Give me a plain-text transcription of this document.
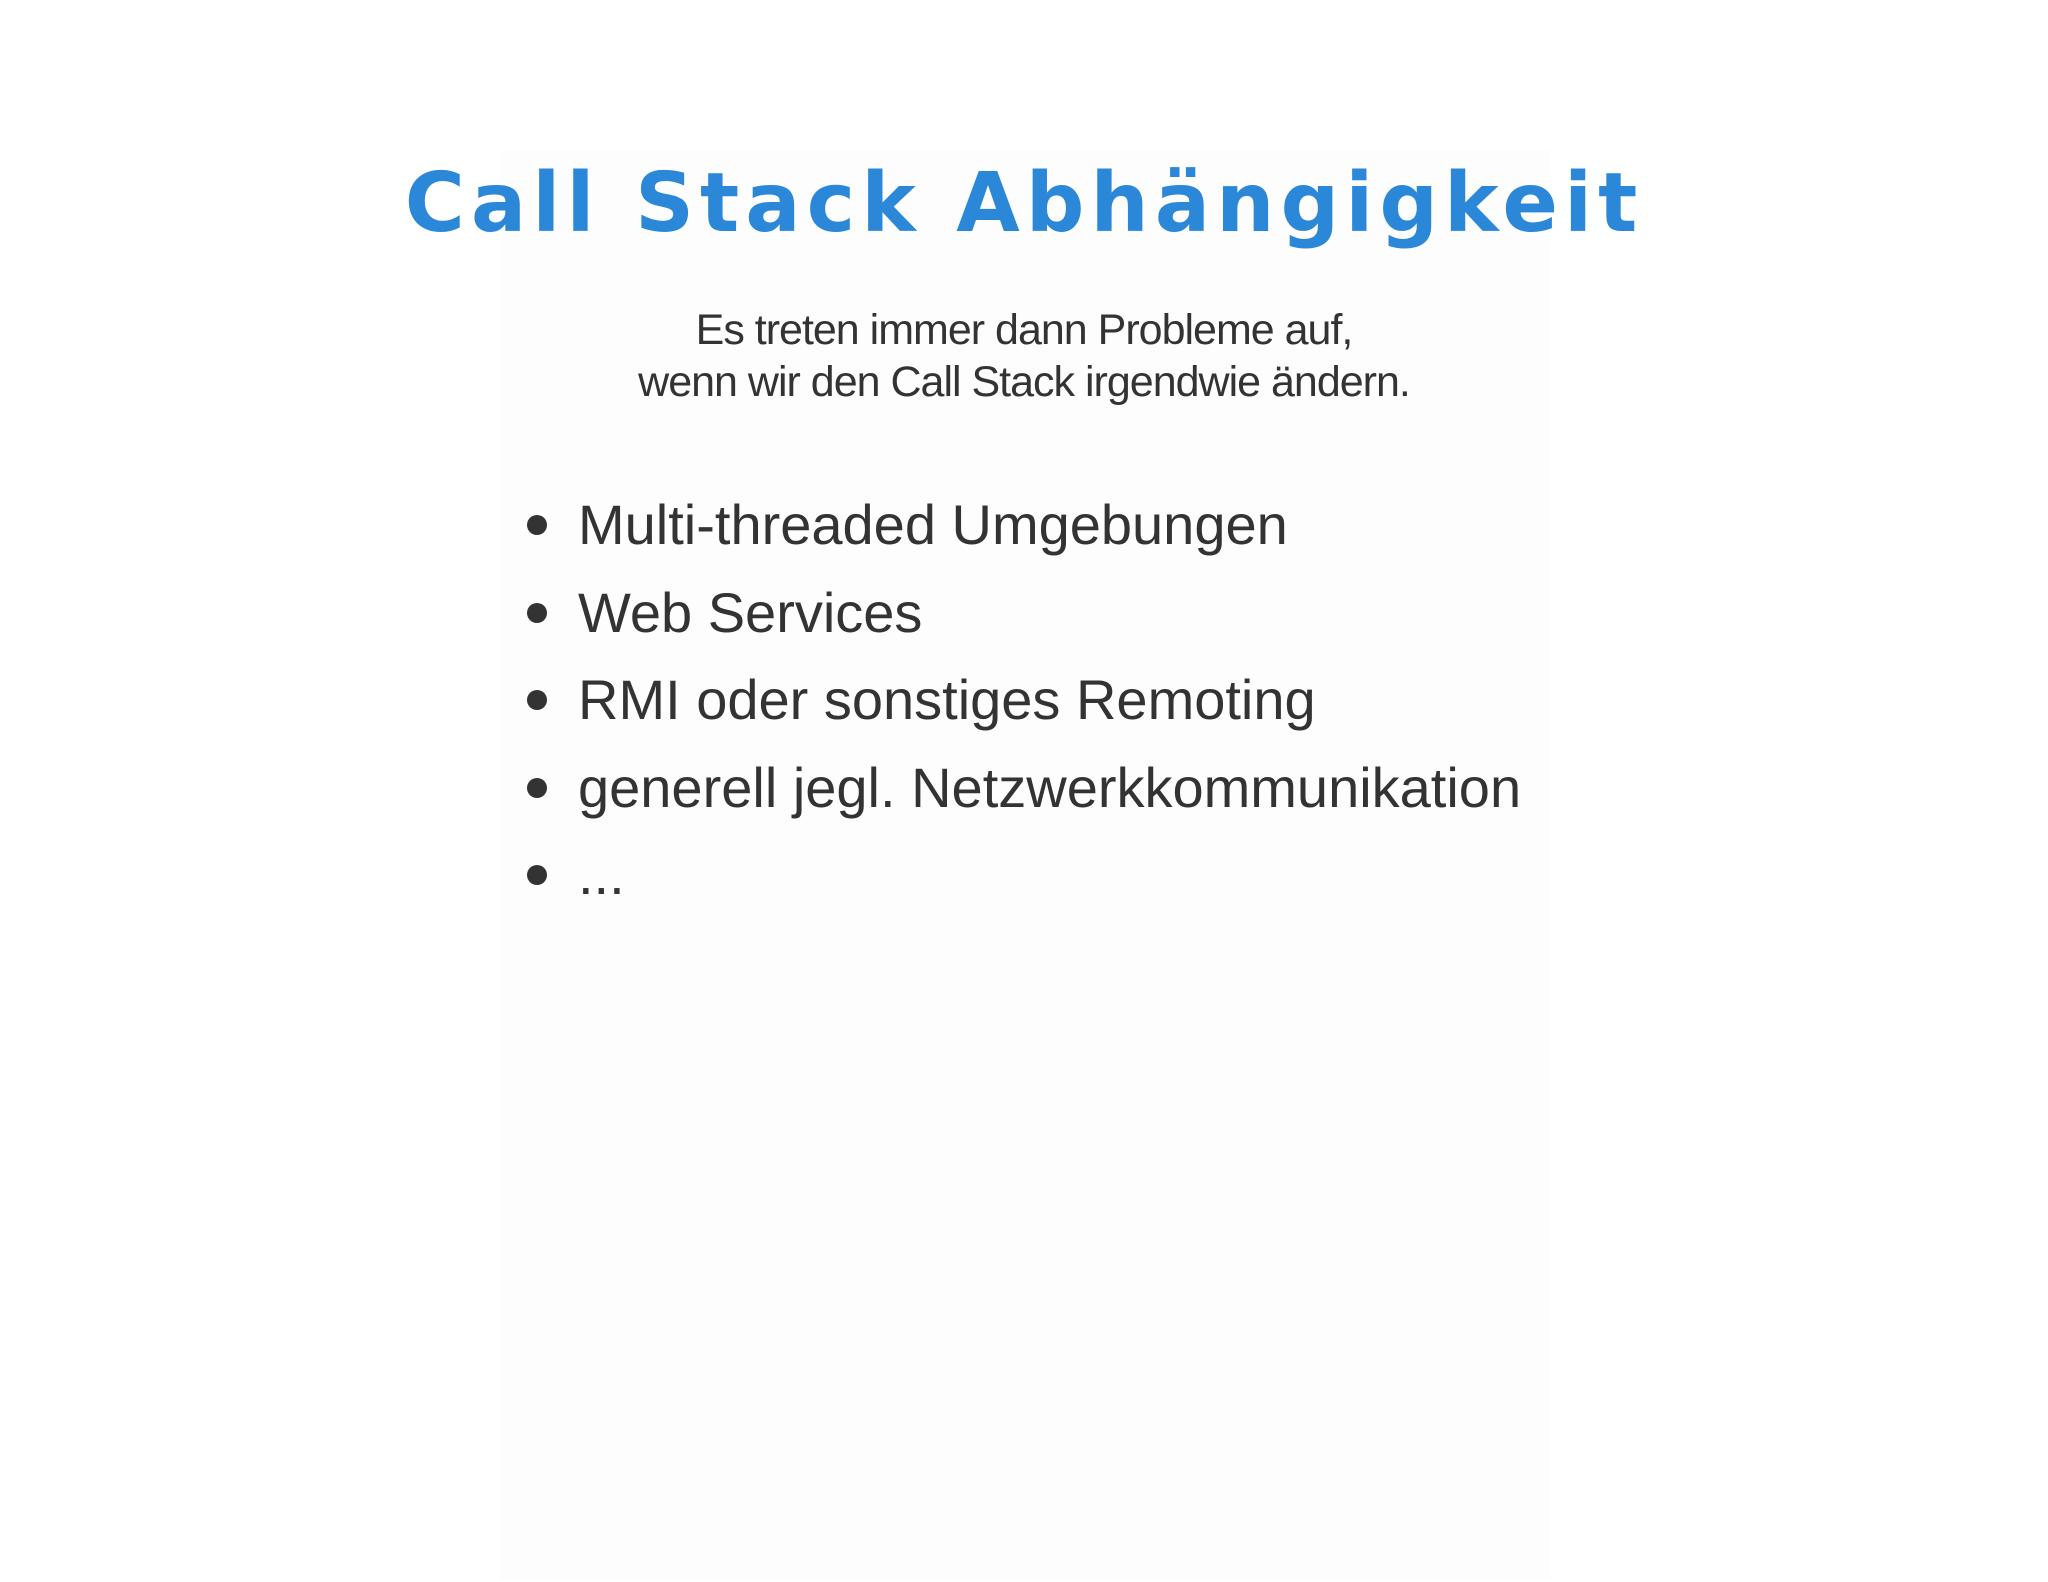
Call Stack Abhängigkeit
Es treten immer dann Probleme auf,
wenn wir den Call Stack irgendwie ändern.
Multi-threaded Umgebungen
Web Services
RMI oder sonstiges Remoting
generell jegl. Netzwerkkommunikation
...
